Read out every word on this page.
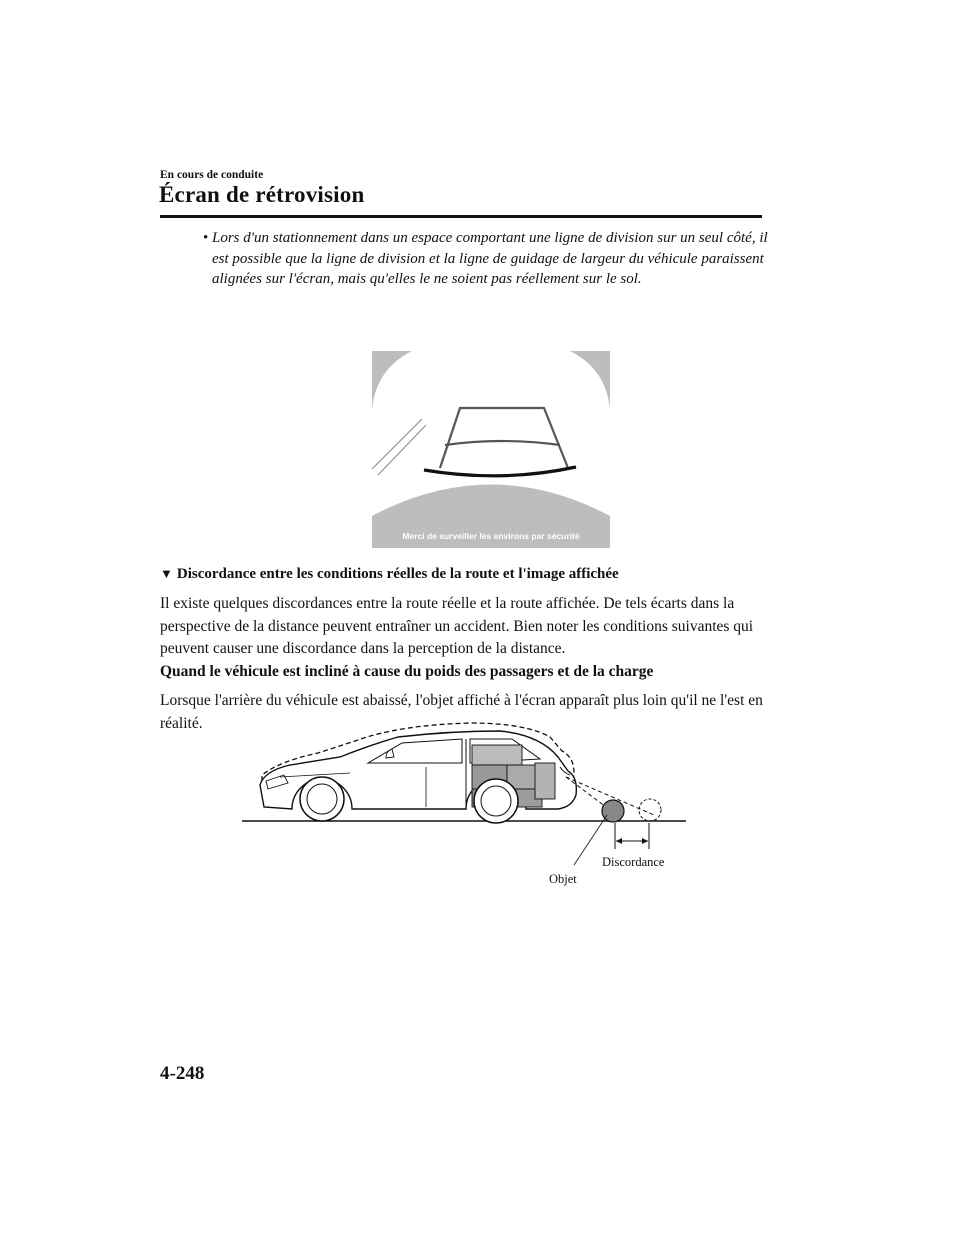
En cours de conduite
Écran de rétrovision
• Lors d'un stationnement dans un espace comportant une ligne de division sur un seul côté, il est possible que la ligne de division et la ligne de guidage de largeur du véhicule paraissent alignées sur l'écran, mais qu'elles le ne soient pas réellement sur le sol.
Merci de surveiller les environs par sécurité
▼ Discordance entre les conditions réelles de la route et l'image affichée

Il existe quelques discordances entre la route réelle et la route affichée. De tels écarts dans la perspective de la distance peuvent entraîner un accident. Bien noter les conditions suivantes qui peuvent causer une discordance dans la perception de la distance.

Quand le véhicule est incliné à cause du poids des passagers et de la charge

Lorsque l'arrière du véhicule est abaissé, l'objet affiché à l'écran apparaît plus loin qu'il ne l'est en réalité.

Discordance
Objet
4-248
